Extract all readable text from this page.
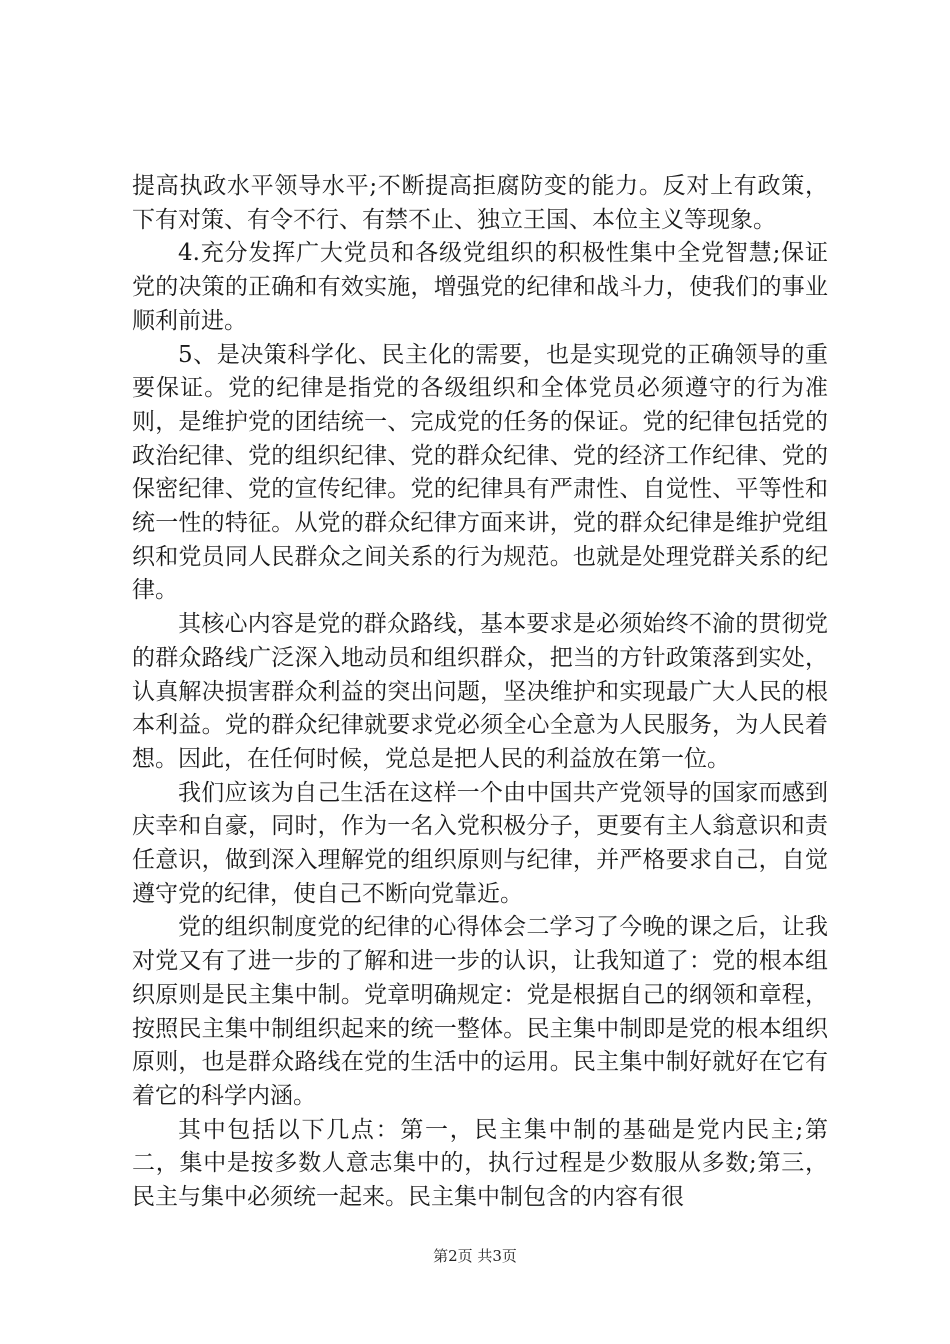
提高执政水平领导水平;不断提高拒腐防变的能力。反对上有政策，下有对策、有令不行、有禁不止、独立王国、本位主义等现象。

4.充分发挥广大党员和各级党组织的积极性集中全党智慧;保证党的决策的正确和有效实施，增强党的纪律和战斗力，使我们的事业顺利前进。

5、是决策科学化、民主化的需要，也是实现党的正确领导的重要保证。党的纪律是指党的各级组织和全体党员必须遵守的行为准则，是维护党的团结统一、完成党的任务的保证。党的纪律包括党的政治纪律、党的组织纪律、党的群众纪律、党的经济工作纪律、党的保密纪律、党的宣传纪律。党的纪律具有严肃性、自觉性、平等性和统一性的特征。从党的群众纪律方面来讲，党的群众纪律是维护党组织和党员同人民群众之间关系的行为规范。也就是处理党群关系的纪律。

其核心内容是党的群众路线，基本要求是必须始终不渝的贯彻党的群众路线广泛深入地动员和组织群众，把当的方针政策落到实处，认真解决损害群众利益的突出问题，坚决维护和实现最广大人民的根本利益。党的群众纪律就要求党必须全心全意为人民服务，为人民着想。因此，在任何时候，党总是把人民的利益放在第一位。

我们应该为自己生活在这样一个由中国共产党领导的国家而感到庆幸和自豪，同时，作为一名入党积极分子，更要有主人翁意识和责任意识，做到深入理解党的组织原则与纪律，并严格要求自己，自觉遵守党的纪律，使自己不断向党靠近。

党的组织制度党的纪律的心得体会二学习了今晚的课之后，让我对党又有了进一步的了解和进一步的认识，让我知道了：党的根本组织原则是民主集中制。党章明确规定：党是根据自己的纲领和章程，按照民主集中制组织起来的统一整体。民主集中制即是党的根本组织原则，也是群众路线在党的生活中的运用。民主集中制好就好在它有着它的科学内涵。

其中包括以下几点：第一，民主集中制的基础是党内民主;第二，集中是按多数人意志集中的，执行过程是少数服从多数;第三，民主与集中必须统一起来。民主集中制包含的内容有很

第2页 共3页
